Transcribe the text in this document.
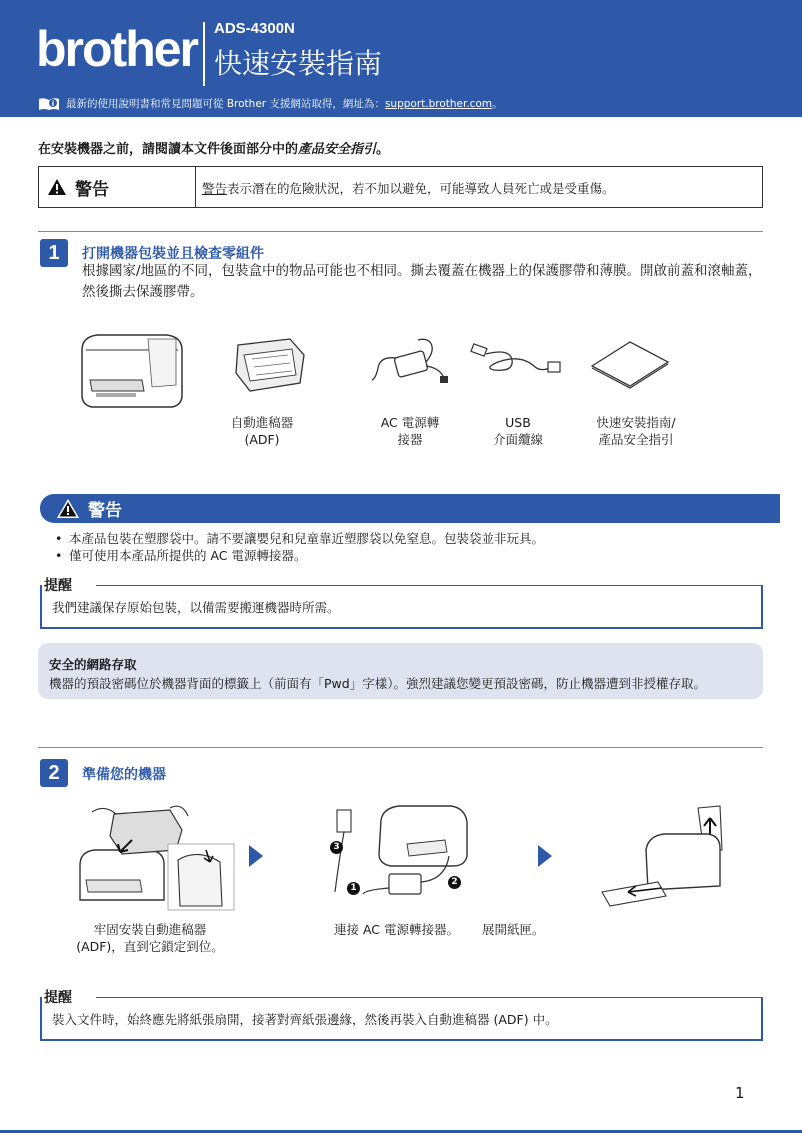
brother ADS-4300N
快速安裝指南
i 最新的使用說明書和常見問題可從 Brother 支援網站取得，網址為：support.brother.com。
在安裝機器之前，請閱讀本文件後面部分中的產品安全指引。
警告	警告表示潛在的危險狀況，若不加以避免，可能導致人員死亡或是受重傷。
1	打開機器包裝並且檢查零組件
根據國家/地區的不同，包裝盒中的物品可能也不相同。撕去覆蓋在機器上的保護膠帶和薄膜。開啟前蓋和滾軸蓋，然後撕去保護膠帶。
自動進稿器
(ADF)
AC 電源轉
接器
USB
介面纜線
快速安裝指南/
產品安全指引
警告
• 本產品包裝在塑膠袋中。請不要讓嬰兒和兒童靠近塑膠袋以免窒息。包裝袋並非玩具。
• 僅可使用本產品所提供的 AC 電源轉接器。
提醒
我們建議保存原始包裝，以備需要搬運機器時所需。
安全的網路存取
機器的預設密碼位於機器背面的標籤上（前面有「Pwd」字樣）。強烈建議您變更預設密碼，防止機器遭到非授權存取。
2	準備您的機器
3
1
2
牢固安裝自動進稿器
(ADF)，直到它鎖定到位。
連接 AC 電源轉接器。	展開紙匣。
提醒
裝入文件時，始終應先將紙張扇開，接著對齊紙張邊緣，然後再裝入自動進稿器 (ADF) 中。
1
